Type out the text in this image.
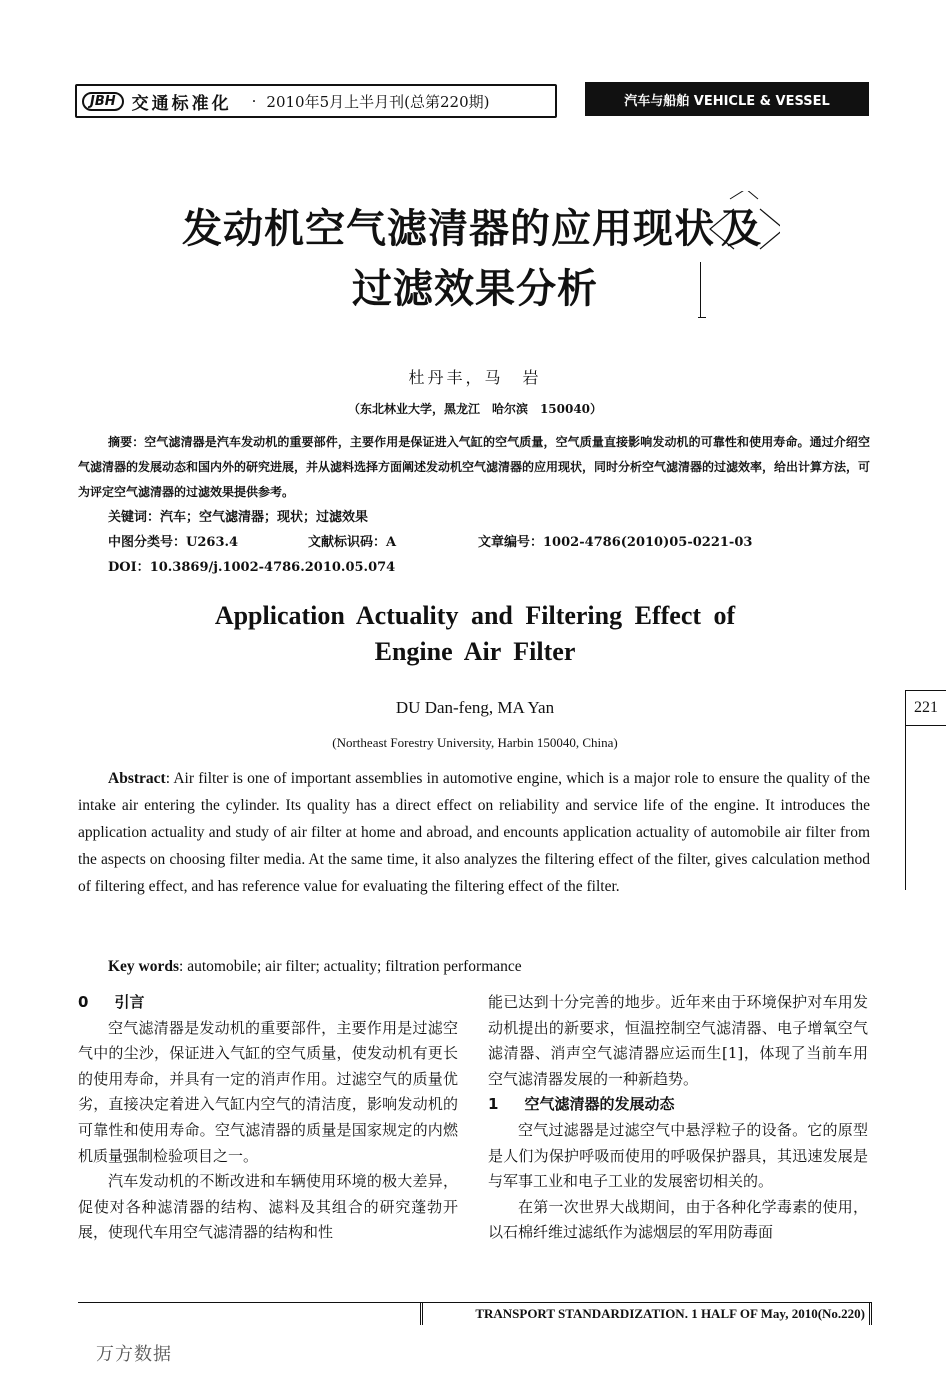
JBH 交通标准化 · 2010年5月上半月刊(总第220期)	汽车与船舶 VEHICLE & VESSEL
发动机空气滤清器的应用现状 及
过滤效果分析
杜丹丰，马　岩
（东北林业大学，黑龙江　哈尔滨　150040）
摘要：空气滤清器是汽车发动机的重要部件，主要作用是保证进入气缸的空气质量，空气质量直接影响发动机的可靠性和使用寿命。通过介绍空气滤清器的发展动态和国内外的研究进展，并从滤料选择方面阐述发动机空气滤清器的应用现状，同时分析空气滤清器的过滤效率，给出计算方法，可为评定空气滤清器的过滤效果提供参考。
关键词：汽车；空气滤清器；现状；过滤效果
中图分类号：U263.4	文献标识码：A	文章编号：1002-4786(2010)05-0221-03
DOI：10.3869/j.1002-4786.2010.05.074
Application Actuality and Filtering Effect of
Engine Air Filter
DU Dan-feng, MA Yan
(Northeast Forestry University, Harbin 150040, China)
221
Abstract: Air filter is one of important assemblies in automotive engine, which is a major role to ensure the quality of the intake air entering the cylinder. Its quality has a direct effect on reliability and service life of the engine. It introduces the application actuality and study of air filter at home and abroad, and encounts application actuality of automobile air filter from the aspects on choosing filter media. At the same time, it also analyzes the filtering effect of the filter, gives calculation method of filtering effect, and has reference value for evaluating the filtering effect of the filter.
Key words: automobile; air filter; actuality; filtration performance
0 引言

空气滤清器是发动机的重要部件，主要作用是过滤空气中的尘沙，保证进入气缸的空气质量，使发动机有更长的使用寿命，并具有一定的消声作用。过滤空气的质量优劣，直接决定着进入气缸内空气的清洁度，影响发动机的可靠性和使用寿命。空气滤清器的质量是国家规定的内燃机质量强制检验项目之一。

汽车发动机的不断改进和车辆使用环境的极大差异，促使对各种滤清器的结构、滤料及其组合的研究蓬勃开展，使现代车用空气滤清器的结构和性

能已达到十分完善的地步。近年来由于环境保护对车用发动机提出的新要求，恒温控制空气滤清器、电子增氧空气滤清器、消声空气滤清器应运而生[1]，体现了当前车用空气滤清器发展的一种新趋势。

1 空气滤清器的发展动态

空气过滤器是过滤空气中悬浮粒子的设备。它的原型是人们为保护呼吸而使用的呼吸保护器具，其迅速发展是与军事工业和电子工业的发展密切相关的。

在第一次世界大战期间，由于各种化学毒素的使用，以石棉纤维过滤纸作为滤烟层的军用防毒面

TRANSPORT STANDARDIZATION. 1 HALF OF May, 2010(No.220)
万方数据
